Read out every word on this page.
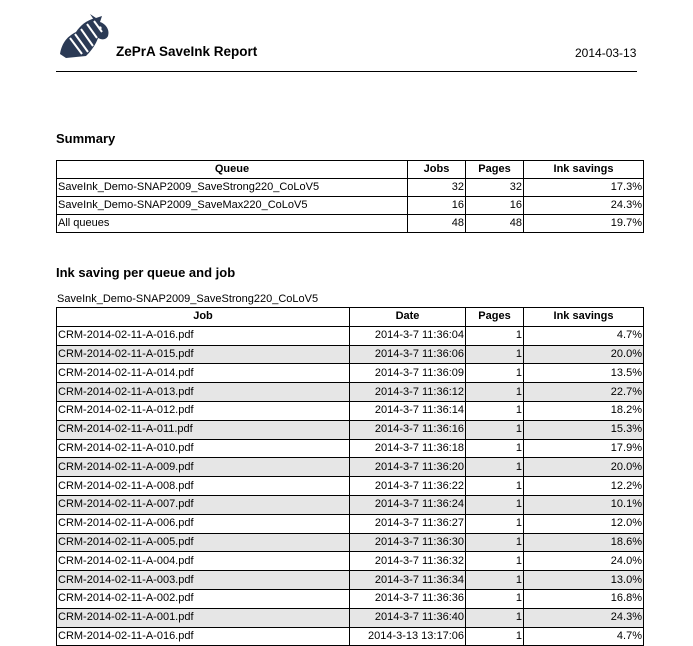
ZePrA SaveInk Report	2014-03-13
Summary
Queue	Jobs	Pages	Ink savings
SaveInk_Demo-SNAP2009_SaveStrong220_CoLoV5	32	32	17.3%
SaveInk_Demo-SNAP2009_SaveMax220_CoLoV5	16	16	24.3%
All queues	48	48	19.7%
Ink saving per queue and job
SaveInk_Demo-SNAP2009_SaveStrong220_CoLoV5
Job	Date	Pages	Ink savings
CRM-2014-02-11-A-016.pdf	2014-3-7 11:36:04	1	4.7%
CRM-2014-02-11-A-015.pdf	2014-3-7 11:36:06	1	20.0%
CRM-2014-02-11-A-014.pdf	2014-3-7 11:36:09	1	13.5%
CRM-2014-02-11-A-013.pdf	2014-3-7 11:36:12	1	22.7%
CRM-2014-02-11-A-012.pdf	2014-3-7 11:36:14	1	18.2%
CRM-2014-02-11-A-011.pdf	2014-3-7 11:36:16	1	15.3%
CRM-2014-02-11-A-010.pdf	2014-3-7 11:36:18	1	17.9%
CRM-2014-02-11-A-009.pdf	2014-3-7 11:36:20	1	20.0%
CRM-2014-02-11-A-008.pdf	2014-3-7 11:36:22	1	12.2%
CRM-2014-02-11-A-007.pdf	2014-3-7 11:36:24	1	10.1%
CRM-2014-02-11-A-006.pdf	2014-3-7 11:36:27	1	12.0%
CRM-2014-02-11-A-005.pdf	2014-3-7 11:36:30	1	18.6%
CRM-2014-02-11-A-004.pdf	2014-3-7 11:36:32	1	24.0%
CRM-2014-02-11-A-003.pdf	2014-3-7 11:36:34	1	13.0%
CRM-2014-02-11-A-002.pdf	2014-3-7 11:36:36	1	16.8%
CRM-2014-02-11-A-001.pdf	2014-3-7 11:36:40	1	24.3%
CRM-2014-02-11-A-016.pdf	2014-3-13 13:17:06	1	4.7%
